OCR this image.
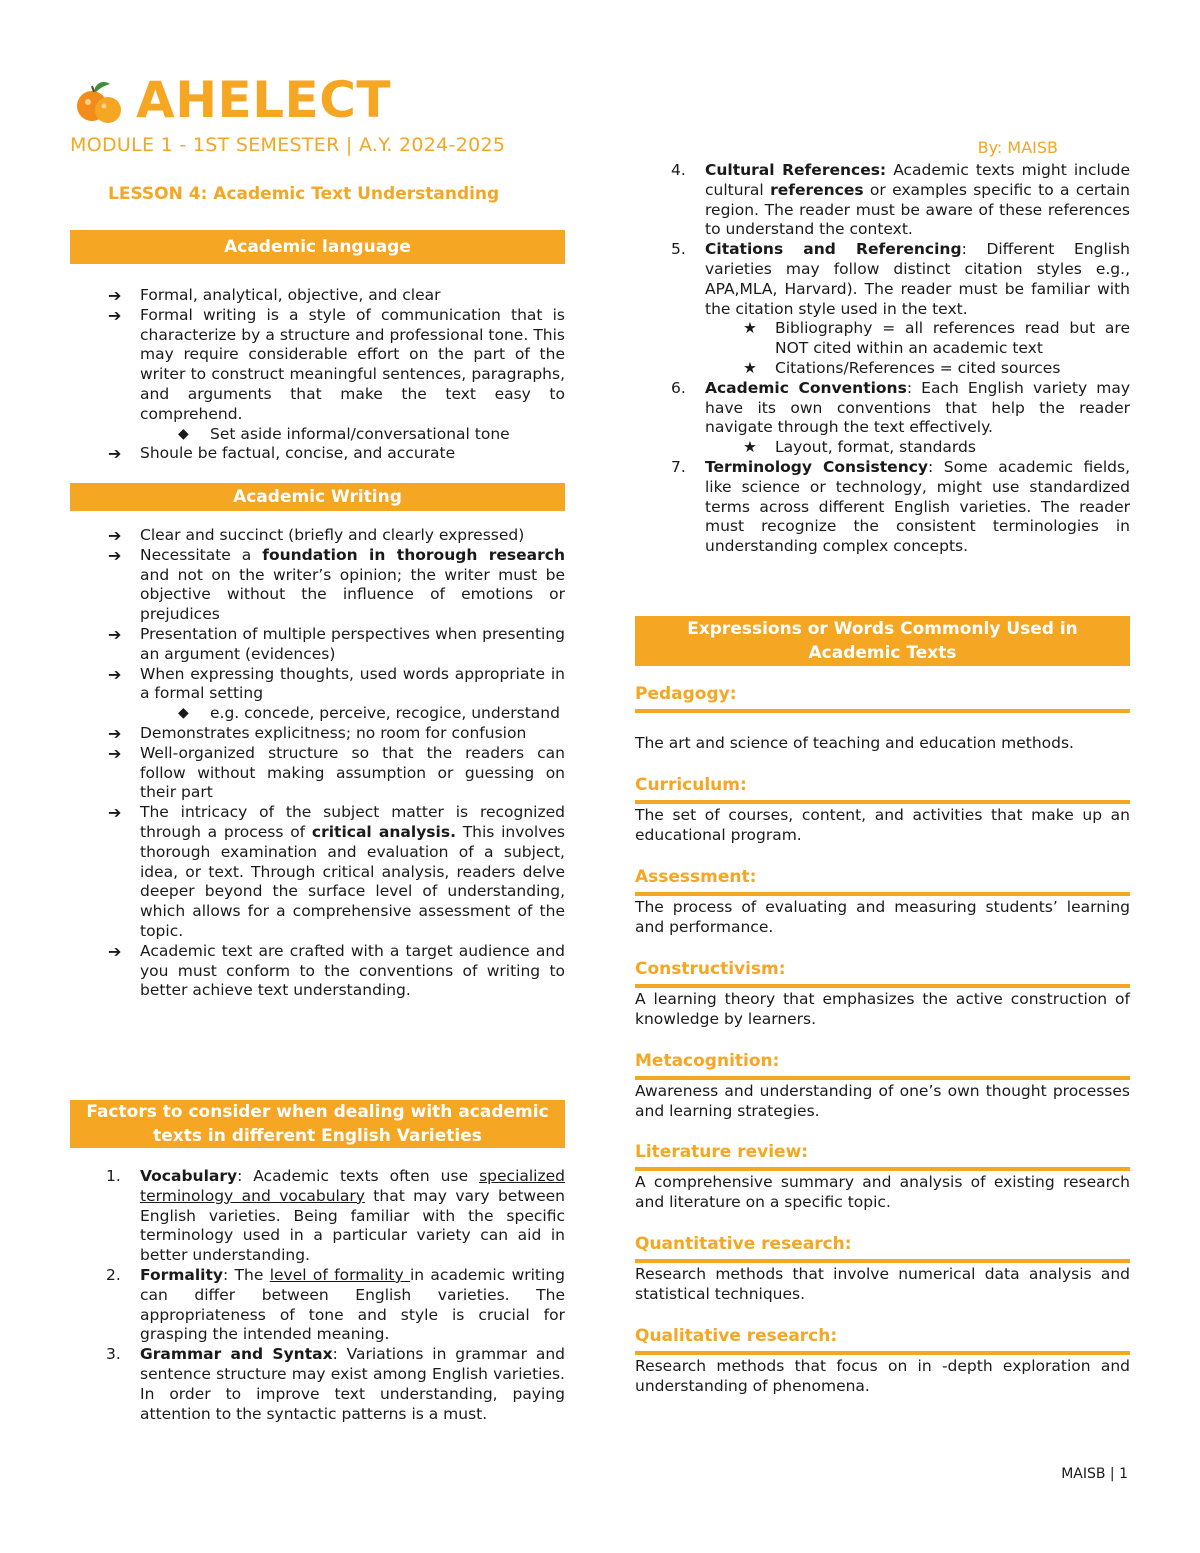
AHELECT
MODULE 1 - 1ST SEMESTER | A.Y. 2024-2025	By: MAISB
LESSON 4: Academic Text Understanding
Academic language
➔ Formal, analytical, objective, and clear
➔ Formal writing is a style of communication that is characterize by a structure and professional tone. This may require considerable effort on the part of the writer to construct meaningful sentences, paragraphs, and arguments that make the text easy to comprehend.
◆ Set aside informal/conversational tone
➔ Shoule be factual, concise, and accurate
Academic Writing
➔ Clear and succinct (briefly and clearly expressed)
➔ Necessitate a foundation in thorough research and not on the writer’s opinion; the writer must be objective without the influence of emotions or prejudices
➔ Presentation of multiple perspectives when presenting an argument (evidences)
➔ When expressing thoughts, used words appropriate in a formal setting
◆ e.g. concede, perceive, recogice, understand
➔ Demonstrates explicitness; no room for confusion
➔ Well-organized structure so that the readers can follow without making assumption or guessing on their part
➔ The intricacy of the subject matter is recognized through a process of critical analysis. This involves thorough examination and evaluation of a subject, idea, or text. Through critical analysis, readers delve deeper beyond the surface level of understanding, which allows for a comprehensive assessment of the topic.
➔ Academic text are crafted with a target audience and you must conform to the conventions of writing to better achieve text understanding.
Factors to consider when dealing with academic texts in different English Varieties
1. Vocabulary: Academic texts often use specialized terminology and vocabulary that may vary between English varieties. Being familiar with the specific terminology used in a particular variety can aid in better understanding.
2. Formality: The level of formality in academic writing can differ between English varieties. The appropriateness of tone and style is crucial for grasping the intended meaning.
3. Grammar and Syntax: Variations in grammar and sentence structure may exist among English varieties. In order to improve text understanding, paying attention to the syntactic patterns is a must.
4. Cultural References: Academic texts might include cultural references or examples specific to a certain region. The reader must be aware of these references to understand the context.
5. Citations and Referencing: Different English varieties may follow distinct citation styles e.g., APA,MLA, Harvard). The reader must be familiar with the citation style used in the text.
★ Bibliography = all references read but are NOT cited within an academic text
★ Citations/References = cited sources
6. Academic Conventions: Each English variety may have its own conventions that help the reader navigate through the text effectively.
★ Layout, format, standards
7. Terminology Consistency: Some academic fields, like science or technology, might use standardized terms across different English varieties. The reader must recognize the consistent terminologies in understanding complex concepts.
Expressions or Words Commonly Used in Academic Texts
Pedagogy:
The art and science of teaching and education methods.
Curriculum:
The set of courses, content, and activities that make up an educational program.
Assessment:
The process of evaluating and measuring students’ learning and performance.
Constructivism:
A learning theory that emphasizes the active construction of knowledge by learners.
Metacognition:
Awareness and understanding of one’s own thought processes and learning strategies.
Literature review:
A comprehensive summary and analysis of existing research and literature on a specific topic.
Quantitative research:
Research methods that involve numerical data analysis and statistical techniques.
Qualitative research:
Research methods that focus on in -depth exploration and understanding of phenomena.
MAISB | 1
